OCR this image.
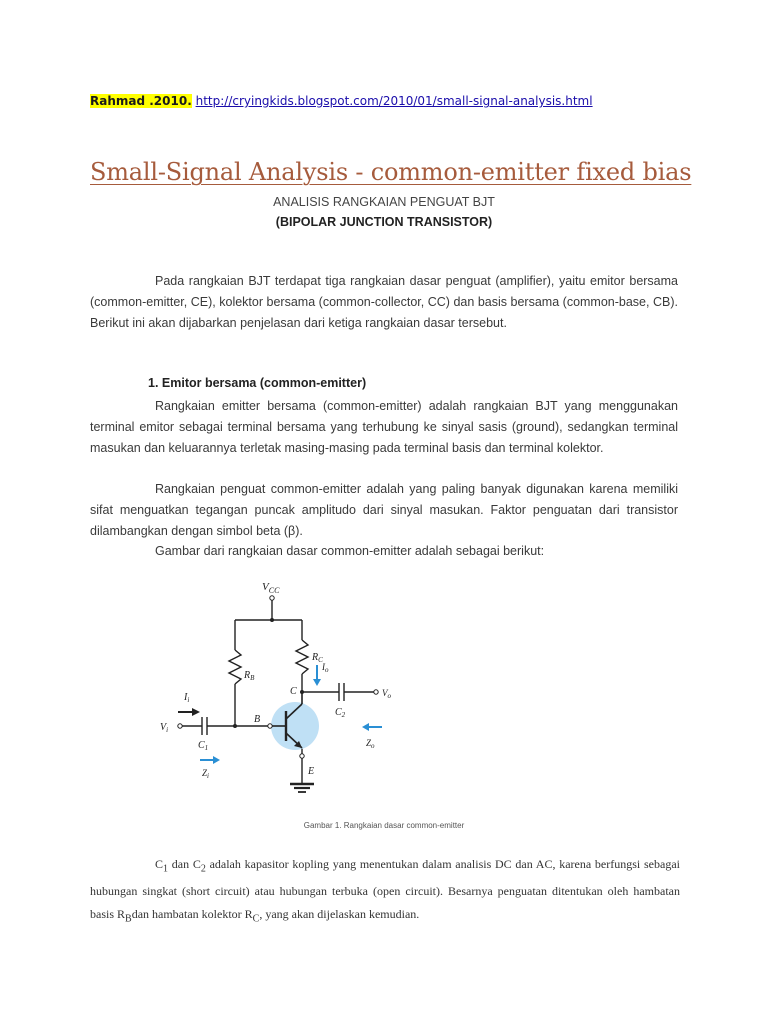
Rahmad .2010. http://cryingkids.blogspot.com/2010/01/small-signal-analysis.html
Small-Signal Analysis - common-emitter fixed bias
ANALISIS RANGKAIAN PENGUAT BJT
(BIPOLAR JUNCTION TRANSISTOR)
Pada rangkaian BJT terdapat tiga rangkaian dasar penguat (amplifier), yaitu emitor bersama (common-emitter, CE), kolektor bersama (common-collector, CC) dan basis bersama (common-base, CB). Berikut ini akan dijabarkan penjelasan dari ketiga rangkaian dasar tersebut.
1. Emitor bersama (common-emitter)
Rangkaian emitter bersama (common-emitter) adalah rangkaian BJT yang menggunakan terminal emitor sebagai terminal bersama yang terhubung ke sinyal sasis (ground), sedangkan terminal masukan dan keluarannya terletak masing-masing pada terminal basis dan terminal kolektor.
Rangkaian penguat common-emitter adalah yang paling banyak digunakan karena memiliki sifat menguatkan tegangan puncak amplitudo dari sinyal masukan. Faktor penguatan dari transistor dilambangkan dengan simbol beta (β).
Gambar dari rangkaian dasar common-emitter adalah sebagai berikut:
$V_{CC}$
$R_B$
$R_C$
$I_o$
C
$C_2$
$V_o$
$I_i$
$V_i$
$C_1$
B
$Z_o$
$Z_i$	E
Gambar 1. Rangkaian dasar common-emitter
$C_1$ dan $C_2$ adalah kapasitor kopling yang menentukan dalam analisis DC dan AC, karena berfungsi sebagai hubungan singkat (short circuit) atau hubungan terbuka (open circuit). Besarnya penguatan ditentukan oleh hambatan basis $R_Bdan$ hambatan kolektor $R_C$, yang akan dijelaskan kemudian.
